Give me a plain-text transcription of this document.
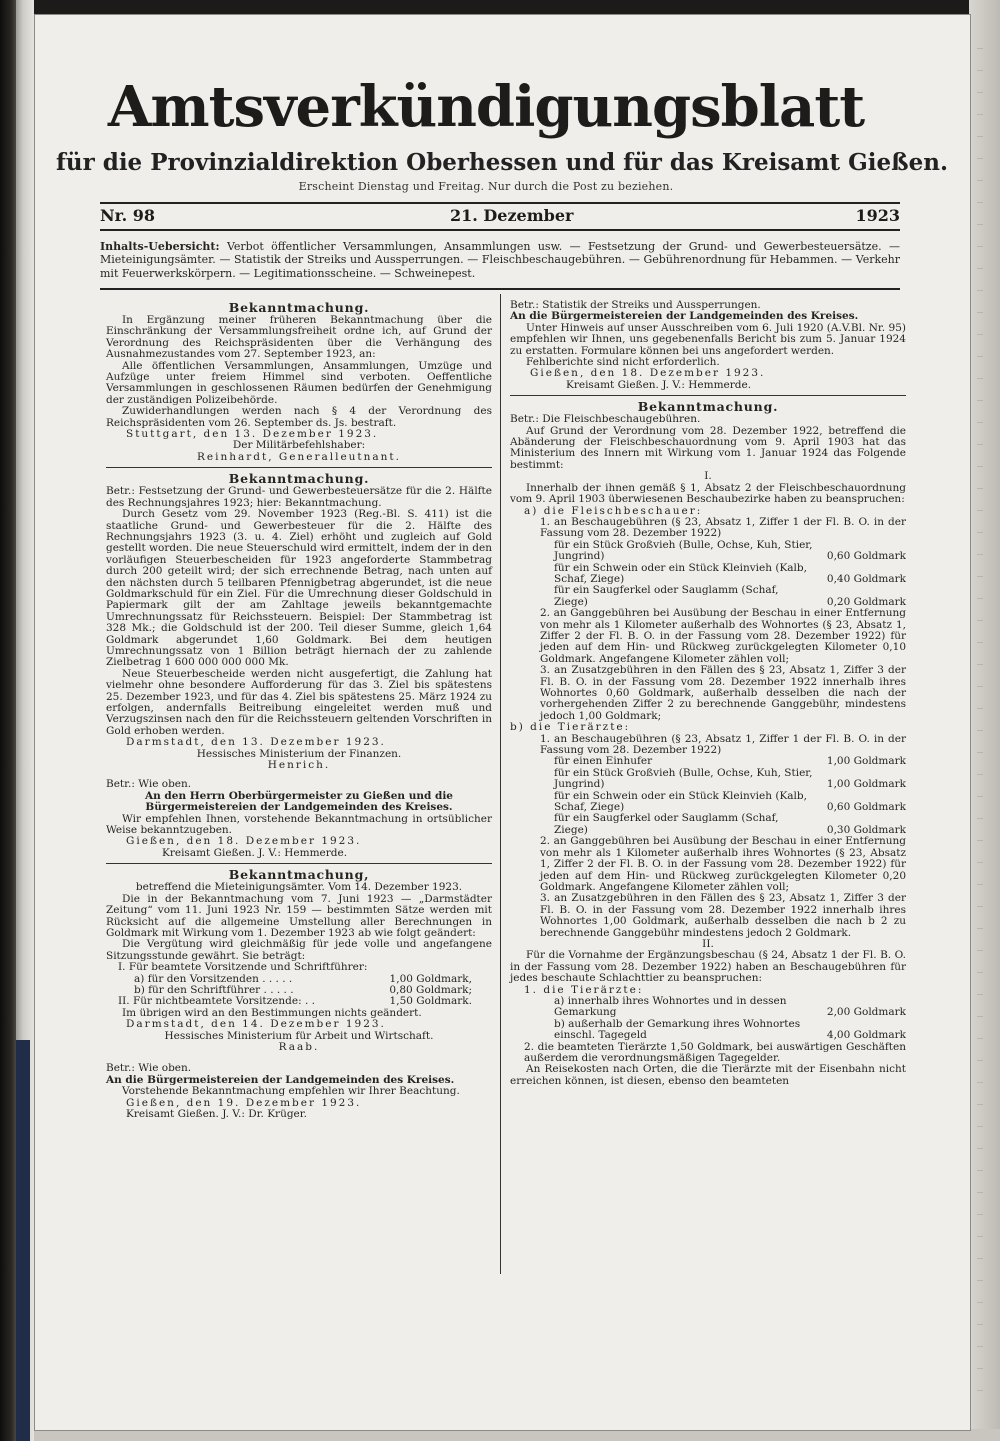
Amtsverkündigungsblatt
für die Provinzialdirektion Oberhessen und für das Kreisamt Gießen.
Erscheint Dienstag und Freitag. Nur durch die Post zu beziehen.
Nr. 98	21. Dezember	1923
Inhalts-Uebersicht: Verbot öffentlicher Versammlungen, Ansammlungen usw. — Festsetzung der Grund- und Gewerbesteuersätze. — Mieteinigungsämter. — Statistik der Streiks und Aussperrungen. — Fleischbeschaugebühren. — Gebührenordnung für Hebammen. — Verkehr mit Feuerwerkskörpern. — Legitimationsscheine. — Schweinepest.

Bekanntmachung.

In Ergänzung meiner früheren Bekanntmachung über die Einschränkung der Versammlungsfreiheit ordne ich, auf Grund der Verordnung des Reichspräsidenten über die Verhängung des Ausnahmezustandes vom 27. September 1923, an:

Alle öffentlichen Versammlungen, Ansammlungen, Umzüge und Aufzüge unter freiem Himmel sind verboten. Oeffentliche Versammlungen in geschlossenen Räumen bedürfen der Genehmigung der zuständigen Polizeibehörde.

Zuwiderhandlungen werden nach § 4 der Verordnung des Reichspräsidenten vom 26. September ds. Js. bestraft.

Stuttgart, den 13. Dezember 1923.

Der Militärbefehlshaber:

Reinhardt, Generalleutnant.

Bekanntmachung.

Betr.: Festsetzung der Grund- und Gewerbesteuersätze für die 2. Hälfte des Rechnungsjahres 1923; hier: Bekanntmachung.

Durch Gesetz vom 29. November 1923 (Reg.-Bl. S. 411) ist die staatliche Grund- und Gewerbesteuer für die 2. Hälfte des Rechnungsjahrs 1923 (3. u. 4. Ziel) erhöht und zugleich auf Gold gestellt worden. Die neue Steuerschuld wird ermittelt, indem der in den vorläufigen Steuerbescheiden für 1923 angeforderte Stammbetrag durch 200 geteilt wird; der sich errechnende Betrag, nach unten auf den nächsten durch 5 teilbaren Pfennigbetrag abgerundet, ist die neue Goldmarkschuld für ein Ziel. Für die Umrechnung dieser Goldschuld in Papiermark gilt der am Zahltage jeweils bekanntgemachte Umrechnungssatz für Reichssteuern. Beispiel: Der Stammbetrag ist 328 Mk.; die Goldschuld ist der 200. Teil dieser Summe, gleich 1,64 Goldmark abgerundet 1,60 Goldmark. Bei dem heutigen Umrechnungssatz von 1 Billion beträgt hiernach der zu zahlende Zielbetrag 1 600 000 000 000 Mk.

Neue Steuerbescheide werden nicht ausgefertigt, die Zahlung hat vielmehr ohne besondere Aufforderung für das 3. Ziel bis spätestens 25. Dezember 1923, und für das 4. Ziel bis spätestens 25. März 1924 zu erfolgen, andernfalls Beitreibung eingeleitet werden muß und Verzugszinsen nach den für die Reichssteuern geltenden Vorschriften in Gold erhoben werden.

Darmstadt, den 13. Dezember 1923.

Hessisches Ministerium der Finanzen.

Henrich.

Betr.: Wie oben.

An den Herrn Oberbürgermeister zu Gießen und die Bürgermeistereien der Landgemeinden des Kreises.

Wir empfehlen Ihnen, vorstehende Bekanntmachung in ortsüblicher Weise bekanntzugeben.

Gießen, den 18. Dezember 1923.

Kreisamt Gießen. J. V.: Hemmerde.

Bekanntmachung,

betreffend die Mieteinigungsämter. Vom 14. Dezember 1923.

Die in der Bekanntmachung vom 7. Juni 1923 — „Darmstädter Zeitung“ vom 11. Juni 1923 Nr. 159 — bestimmten Sätze werden mit Rücksicht auf die allgemeine Umstellung aller Berechnungen in Goldmark mit Wirkung vom 1. Dezember 1923 ab wie folgt geändert:

Die Vergütung wird gleichmäßig für jede volle und angefangene Sitzungsstunde gewährt. Sie beträgt:

I. Für beamtete Vorsitzende und Schriftführer:

a) für den Vorsitzenden . . . . .	1,00 Goldmark,

b) für den Schriftführer . . . . .	0,80 Goldmark;

II. Für nichtbeamtete Vorsitzende: . .	1,50 Goldmark.

Im übrigen wird an den Bestimmungen nichts geändert.

Darmstadt, den 14. Dezember 1923.

Hessisches Ministerium für Arbeit und Wirtschaft.

Raab.

Betr.: Wie oben.

An die Bürgermeistereien der Landgemeinden des Kreises.

Vorstehende Bekanntmachung empfehlen wir Ihrer Beachtung.

Gießen, den 19. Dezember 1923.

Kreisamt Gießen. J. V.: Dr. Krüger.

Betr.: Statistik der Streiks und Aussperrungen.

An die Bürgermeistereien der Landgemeinden des Kreises.

Unter Hinweis auf unser Ausschreiben vom 6. Juli 1920 (A.V.Bl. Nr. 95) empfehlen wir Ihnen, uns gegebenenfalls Bericht bis zum 5. Januar 1924 zu erstatten. Formulare können bei uns angefordert werden.

Fehlberichte sind nicht erforderlich.

Gießen, den 18. Dezember 1923.

Kreisamt Gießen. J. V.: Hemmerde.

Bekanntmachung.

Betr.: Die Fleischbeschaugebühren.

Auf Grund der Verordnung vom 28. Dezember 1922, betreffend die Abänderung der Fleischbeschauordnung vom 9. April 1903 hat das Ministerium des Innern mit Wirkung vom 1. Januar 1924 das Folgende bestimmt:

I.

Innerhalb der ihnen gemäß § 1, Absatz 2 der Fleischbeschauordnung vom 9. April 1903 überwiesenen Beschaubezirke haben zu beanspruchen:

a) die Fleischbeschauer:

1. an Beschaugebühren (§ 23, Absatz 1, Ziffer 1 der Fl. B. O. in der Fassung vom 28. Dezember 1922)

für ein Stück Großvieh (Bulle, Ochse, Kuh, Stier, Jungrind)	0,60 Goldmark

für ein Schwein oder ein Stück Kleinvieh (Kalb, Schaf, Ziege)	0,40 Goldmark

für ein Saugferkel oder Sauglamm (Schaf, Ziege)	0,20 Goldmark

2. an Ganggebühren bei Ausübung der Beschau in einer Entfernung von mehr als 1 Kilometer außerhalb des Wohnortes (§ 23, Absatz 1, Ziffer 2 der Fl. B. O. in der Fassung vom 28. Dezember 1922) für jeden auf dem Hin- und Rückweg zurückgelegten Kilometer 0,10 Goldmark. Angefangene Kilometer zählen voll;

3. an Zusatzgebühren in den Fällen des § 23, Absatz 1, Ziffer 3 der Fl. B. O. in der Fassung vom 28. Dezember 1922 innerhalb ihres Wohnortes 0,60 Goldmark, außerhalb desselben die nach der vorhergehenden Ziffer 2 zu berechnende Ganggebühr, mindestens jedoch 1,00 Goldmark;

b) die Tierärzte:

1. an Beschaugebühren (§ 23, Absatz 1, Ziffer 1 der Fl. B. O. in der Fassung vom 28. Dezember 1922)

für einen Einhufer	1,00 Goldmark

für ein Stück Großvieh (Bulle, Ochse, Kuh, Stier, Jungrind)	1,00 Goldmark

für ein Schwein oder ein Stück Kleinvieh (Kalb, Schaf, Ziege)	0,60 Goldmark

für ein Saugferkel oder Sauglamm (Schaf, Ziege)	0,30 Goldmark

2. an Ganggebühren bei Ausübung der Beschau in einer Entfernung von mehr als 1 Kilometer außerhalb ihres Wohnortes (§ 23, Absatz 1, Ziffer 2 der Fl. B. O. in der Fassung vom 28. Dezember 1922) für jeden auf dem Hin- und Rückweg zurückgelegten Kilometer 0,20 Goldmark. Angefangene Kilometer zählen voll;

3. an Zusatzgebühren in den Fällen des § 23, Absatz 1, Ziffer 3 der Fl. B. O. in der Fassung vom 28. Dezember 1922 innerhalb ihres Wohnortes 1,00 Goldmark, außerhalb desselben die nach b 2 zu berechnende Ganggebühr mindestens jedoch 2 Goldmark.

II.

Für die Vornahme der Ergänzungsbeschau (§ 24, Absatz 1 der Fl. B. O. in der Fassung vom 28. Dezember 1922) haben an Beschaugebühren für jedes beschaute Schlachttier zu beanspruchen:

1. die Tierärzte:

a) innerhalb ihres Wohnortes und in dessen Gemarkung	2,00 Goldmark

b) außerhalb der Gemarkung ihres Wohnortes einschl. Tagegeld	4,00 Goldmark

2. die beamteten Tierärzte 1,50 Goldmark, bei auswärtigen Geschäften außerdem die verordnungsmäßigen Tagegelder.

An Reisekosten nach Orten, die die Tierärzte mit der Eisenbahn nicht erreichen können, ist diesen, ebenso den beamteten
